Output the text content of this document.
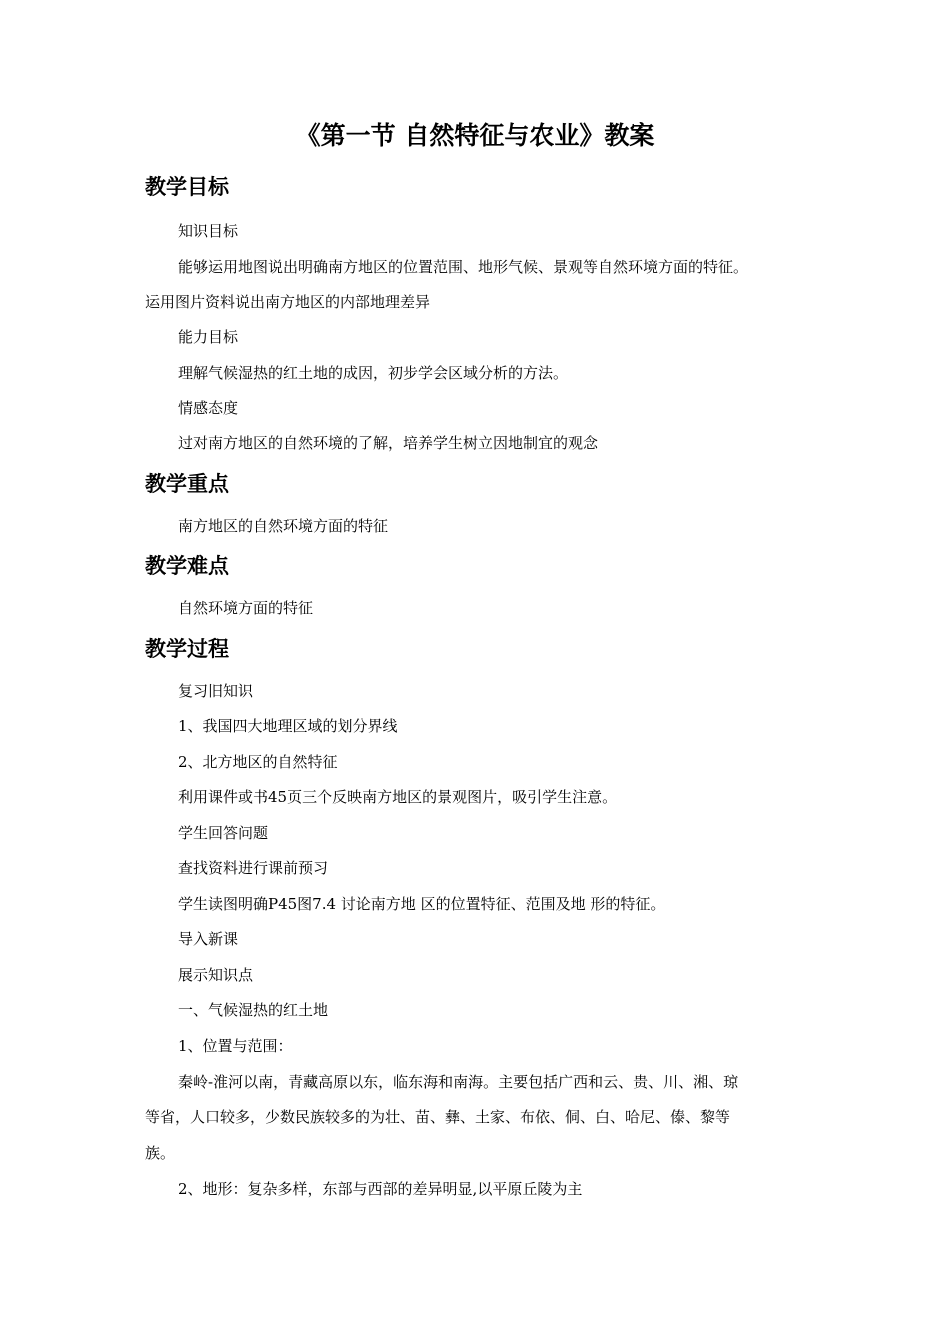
《第一节 自然特征与农业》教案
教学目标

知识目标

能够运用地图说出明确南方地区的位置范围、地形气候、景观等自然环境方面的特征。

运用图片资料说出南方地区的内部地理差异

能力目标

理解气候湿热的红土地的成因，初步学会区域分析的方法。

情感态度

过对南方地区的自然环境的了解，培养学生树立因地制宜的观念

教学重点

南方地区的自然环境方面的特征

教学难点

自然环境方面的特征

教学过程

复习旧知识

1、我国四大地理区域的划分界线

2、北方地区的自然特征

利用课件或书45页三个反映南方地区的景观图片，吸引学生注意。

学生回答问题

查找资料进行课前预习

学生读图明确P45图7.4 讨论南方地 区的位置特征、范围及地 形的特征。

导入新课

展示知识点

一、气候湿热的红土地

1、位置与范围：

秦岭-淮河以南，青藏高原以东，临东海和南海。主要包括广西和云、贵、川、湘、琼

等省，人口较多，少数民族较多的为壮、苗、彝、土家、布依、侗、白、哈尼、傣、黎等

族。

2、地形：复杂多样，东部与西部的差异明显,以平原丘陵为主
